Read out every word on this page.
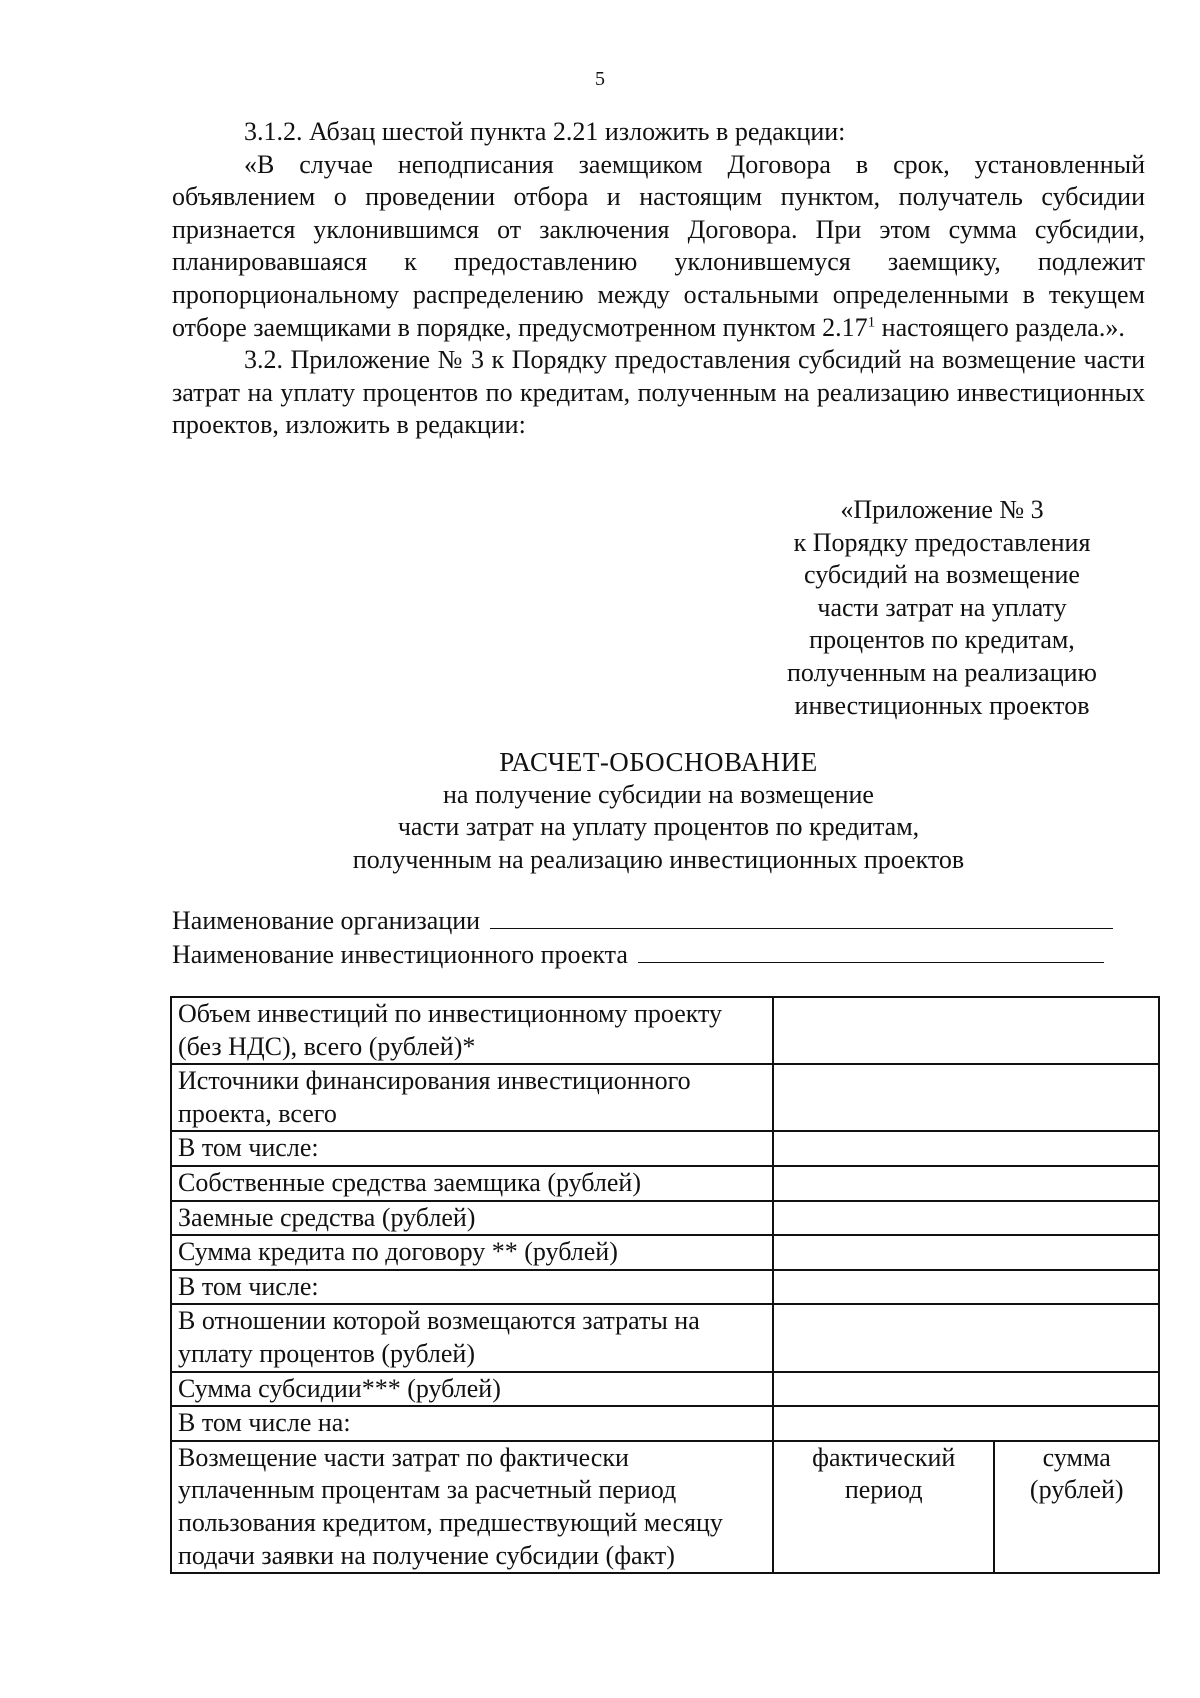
5

3.1.2. Абзац шестой пункта 2.21 изложить в редакции:

«В случае неподписания заемщиком Договора в срок, установленный объявлением о проведении отбора и настоящим пунктом, получатель субсидии признается уклонившимся от заключения Договора. При этом сумма субсидии, планировавшаяся к предоставлению уклонившемуся заемщику, подлежит пропорциональному распределению между остальными определенными в текущем отборе заемщиками в порядке, предусмотренном пунктом 2.17$^1$ настоящего раздела.».

3.2. Приложение № 3 к Порядку предоставления субсидий на возмещение части затрат на уплату процентов по кредитам, полученным на реализацию инвестиционных проектов, изложить в редакции:

«Приложение № 3
к Порядку предоставления
субсидий на возмещение
части затрат на уплату
процентов по кредитам,
полученным на реализацию
инвестиционных проектов
РАСЧЕТ-ОБОСНОВАНИЕ
на получение субсидии на возмещение
части затрат на уплату процентов по кредитам,
полученным на реализацию инвестиционных проектов
Наименование организации
Наименование инвестиционного проекта
Объем инвестиций по инвестиционному проекту (без НДС), всего (рублей)*		
Источники финансирования инвестиционного проекта, всего		
В том числе:		
Собственные средства заемщика (рублей)		
Заемные средства (рублей)		
Сумма кредита по договору ** (рублей)		
В том числе:		
В отношении которой возмещаются затраты на уплату процентов (рублей)		
Сумма субсидии*** (рублей)		
В том числе на:		
Возмещение части затрат по фактически уплаченным процентам за расчетный период пользования кредитом, предшествующий месяцу подачи заявки на получение субсидии (факт)	фактический период	сумма (рублей)
